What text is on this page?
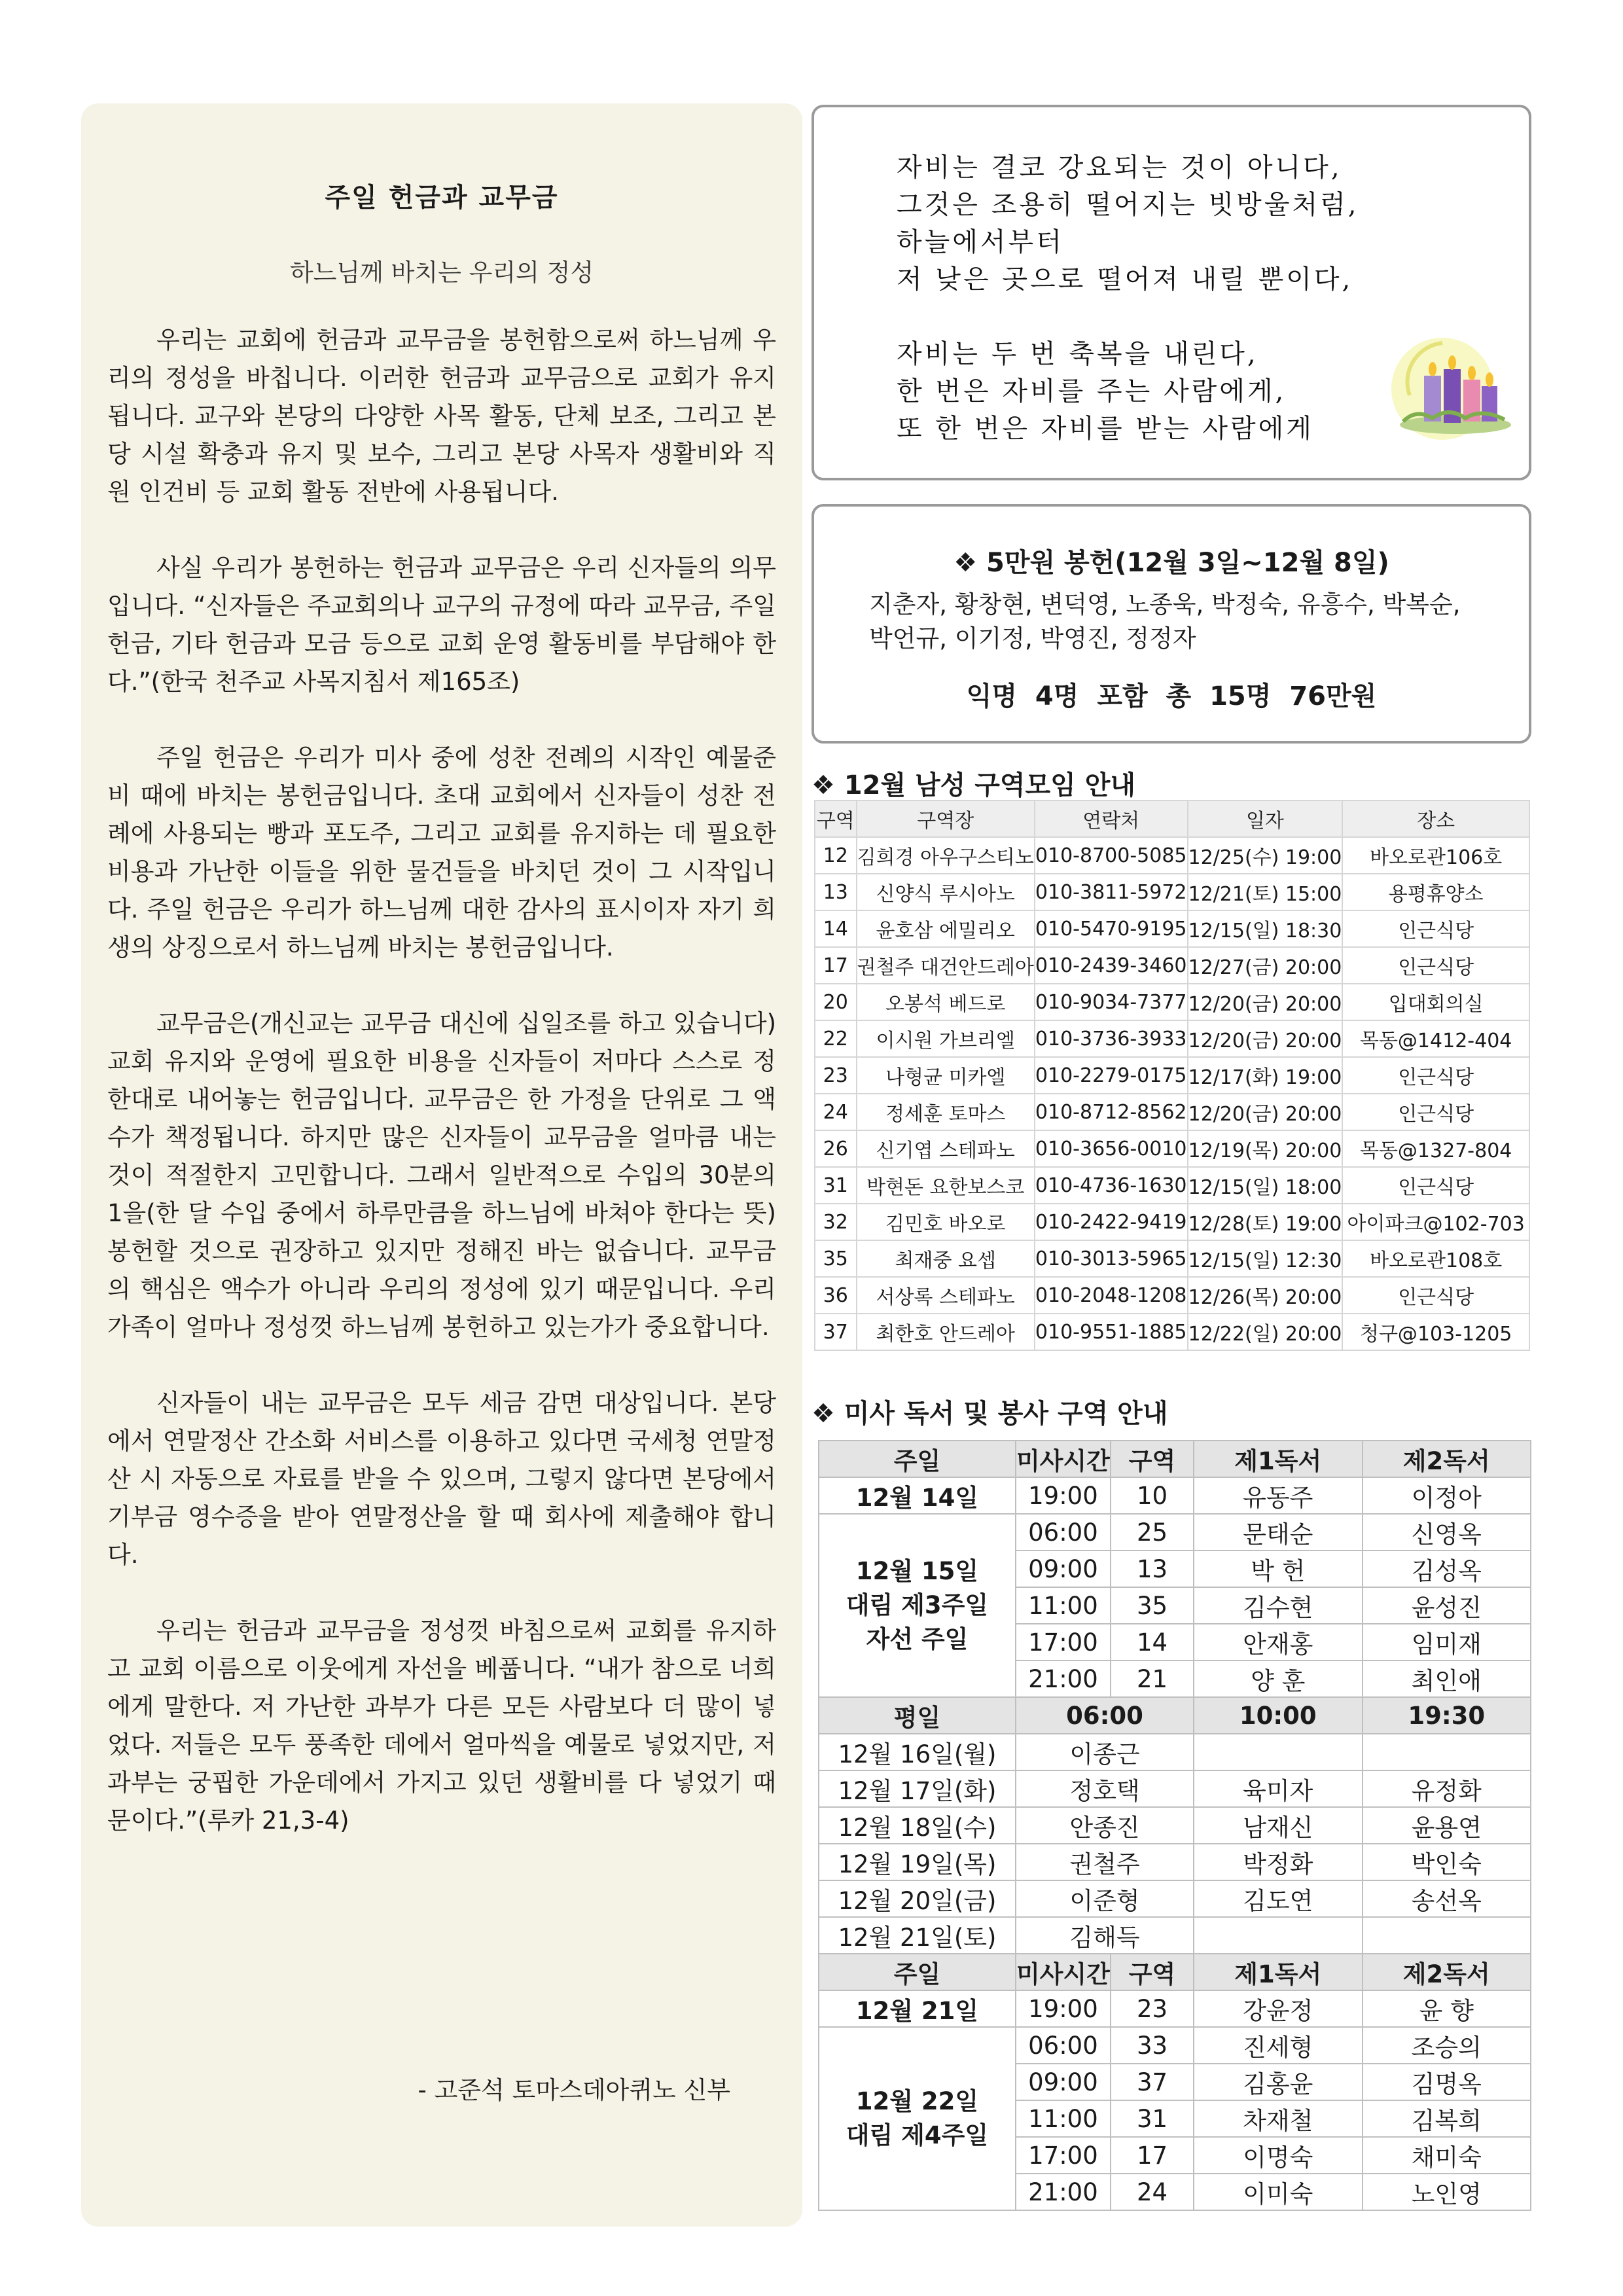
주일 헌금과 교무금
하느님께 바치는 우리의 정성

우리는 교회에 헌금과 교무금을 봉헌함으로써 하느님께 우리의 정성을 바칩니다. 이러한 헌금과 교무금으로 교회가 유지됩니다. 교구와 본당의 다양한 사목 활동, 단체 보조, 그리고 본당 시설 확충과 유지 및 보수, 그리고 본당 사목자 생활비와 직원 인건비 등 교회 활동 전반에 사용됩니다.

사실 우리가 봉헌하는 헌금과 교무금은 우리 신자들의 의무입니다. “신자들은 주교회의나 교구의 규정에 따라 교무금, 주일 헌금, 기타 헌금과 모금 등으로 교회 운영 활동비를 부담해야 한다.”(한국 천주교 사목지침서 제165조)

주일 헌금은 우리가 미사 중에 성찬 전례의 시작인 예물준비 때에 바치는 봉헌금입니다. 초대 교회에서 신자들이 성찬 전례에 사용되는 빵과 포도주, 그리고 교회를 유지하는 데 필요한 비용과 가난한 이들을 위한 물건들을 바치던 것이 그 시작입니다. 주일 헌금은 우리가 하느님께 대한 감사의 표시이자 자기 희생의 상징으로서 하느님께 바치는 봉헌금입니다.

교무금은(개신교는 교무금 대신에 십일조를 하고 있습니다) 교회 유지와 운영에 필요한 비용을 신자들이 저마다 스스로 정한대로 내어놓는 헌금입니다. 교무금은 한 가정을 단위로 그 액수가 책정됩니다. 하지만 많은 신자들이 교무금을 얼마큼 내는 것이 적절한지 고민합니다. 그래서 일반적으로 수입의 30분의 1을(한 달 수입 중에서 하루만큼을 하느님에 바쳐야 한다는 뜻) 봉헌할 것으로 권장하고 있지만 정해진 바는 없습니다. 교무금의 핵심은 액수가 아니라 우리의 정성에 있기 때문입니다. 우리 가족이 얼마나 정성껏 하느님께 봉헌하고 있는가가 중요합니다.

신자들이 내는 교무금은 모두 세금 감면 대상입니다. 본당에서 연말정산 간소화 서비스를 이용하고 있다면 국세청 연말정산 시 자동으로 자료를 받을 수 있으며, 그렇지 않다면 본당에서 기부금 영수증을 받아 연말정산을 할 때 회사에 제출해야 합니다.

우리는 헌금과 교무금을 정성껏 바침으로써 교회를 유지하고 교회 이름으로 이웃에게 자선을 베풉니다. “내가 참으로 너희에게 말한다. 저 가난한 과부가 다른 모든 사람보다 더 많이 넣었다. 저들은 모두 풍족한 데에서 얼마씩을 예물로 넣었지만, 저 과부는 궁핍한 가운데에서 가지고 있던 생활비를 다 넣었기 때문이다.”(루카 21,3-4)

- 고준석 토마스데아퀴노 신부
자비는 결코 강요되는 것이 아니다,
그것은 조용히 떨어지는 빗방울처럼,
하늘에서부터
저 낮은 곳으로 떨어져 내릴 뿐이다,
자비는 두 번 축복을 내린다,
한 번은 자비를 주는 사람에게,
또 한 번은 자비를 받는 사람에게
❖ 5만원 봉헌(12월 3일~12월 8일)
지춘자, 황창현, 변덕영, 노종욱, 박정숙, 유흥수, 박복순, 박언규, 이기정, 박영진, 정정자
익명 4명 포함 총 15명 76만원
❖ 12월 남성 구역모임 안내
구역	구역장	연락처	일자	장소
12	김희경 아우구스티노	010-8700-5085	12/25(수) 19:00	바오로관106호
13	신양식 루시아노	010-3811-5972	12/21(토) 15:00	용평휴양소
14	윤호삼 에밀리오	010-5470-9195	12/15(일) 18:30	인근식당
17	권철주 대건안드레아	010-2439-3460	12/27(금) 20:00	인근식당
20	오봉석 베드로	010-9034-7377	12/20(금) 20:00	입대회의실
22	이시원 가브리엘	010-3736-3933	12/20(금) 20:00	목동@1412-404
23	나형균 미카엘	010-2279-0175	12/17(화) 19:00	인근식당
24	정세훈 토마스	010-8712-8562	12/20(금) 20:00	인근식당
26	신기엽 스테파노	010-3656-0010	12/19(목) 20:00	목동@1327-804
31	박현돈 요한보스코	010-4736-1630	12/15(일) 18:00	인근식당
32	김민호 바오로	010-2422-9419	12/28(토) 19:00	아이파크@102-703
35	최재중 요셉	010-3013-5965	12/15(일) 12:30	바오로관108호
36	서상록 스테파노	010-2048-1208	12/26(목) 20:00	인근식당
37	최한호 안드레아	010-9551-1885	12/22(일) 20:00	청구@103-1205
❖ 미사 독서 및 봉사 구역 안내
주일	미사시간	구역	제1독서	제2독서
12월 14일	19:00	10	유동주	이정아

12월 15일
대림 제3주일
자선 주일	06:00	25	문태순	신영옥
	09:00	13	박 헌	김성옥
	11:00	35	김수현	윤성진
	17:00	14	안재홍	임미재
	21:00	21	양 훈	최인애
평일	06:00		10:00	19:30
12월 16일(월)	이종근			
12월 17일(화)	정호택		육미자	유정화
12월 18일(수)	안종진		남재신	윤용연
12월 19일(목)	권철주		박정화	박인숙
12월 20일(금)	이준형		김도연	송선옥
12월 21일(토)	김해득			
주일	미사시간	구역	제1독서	제2독서
12월 21일	19:00	23	강윤정	윤 향

12월 22일
대림 제4주일	06:00	33	진세형	조승의
	09:00	37	김홍윤	김명옥
	11:00	31	차재철	김복희
	17:00	17	이명숙	채미숙
	21:00	24	이미숙	노인영
